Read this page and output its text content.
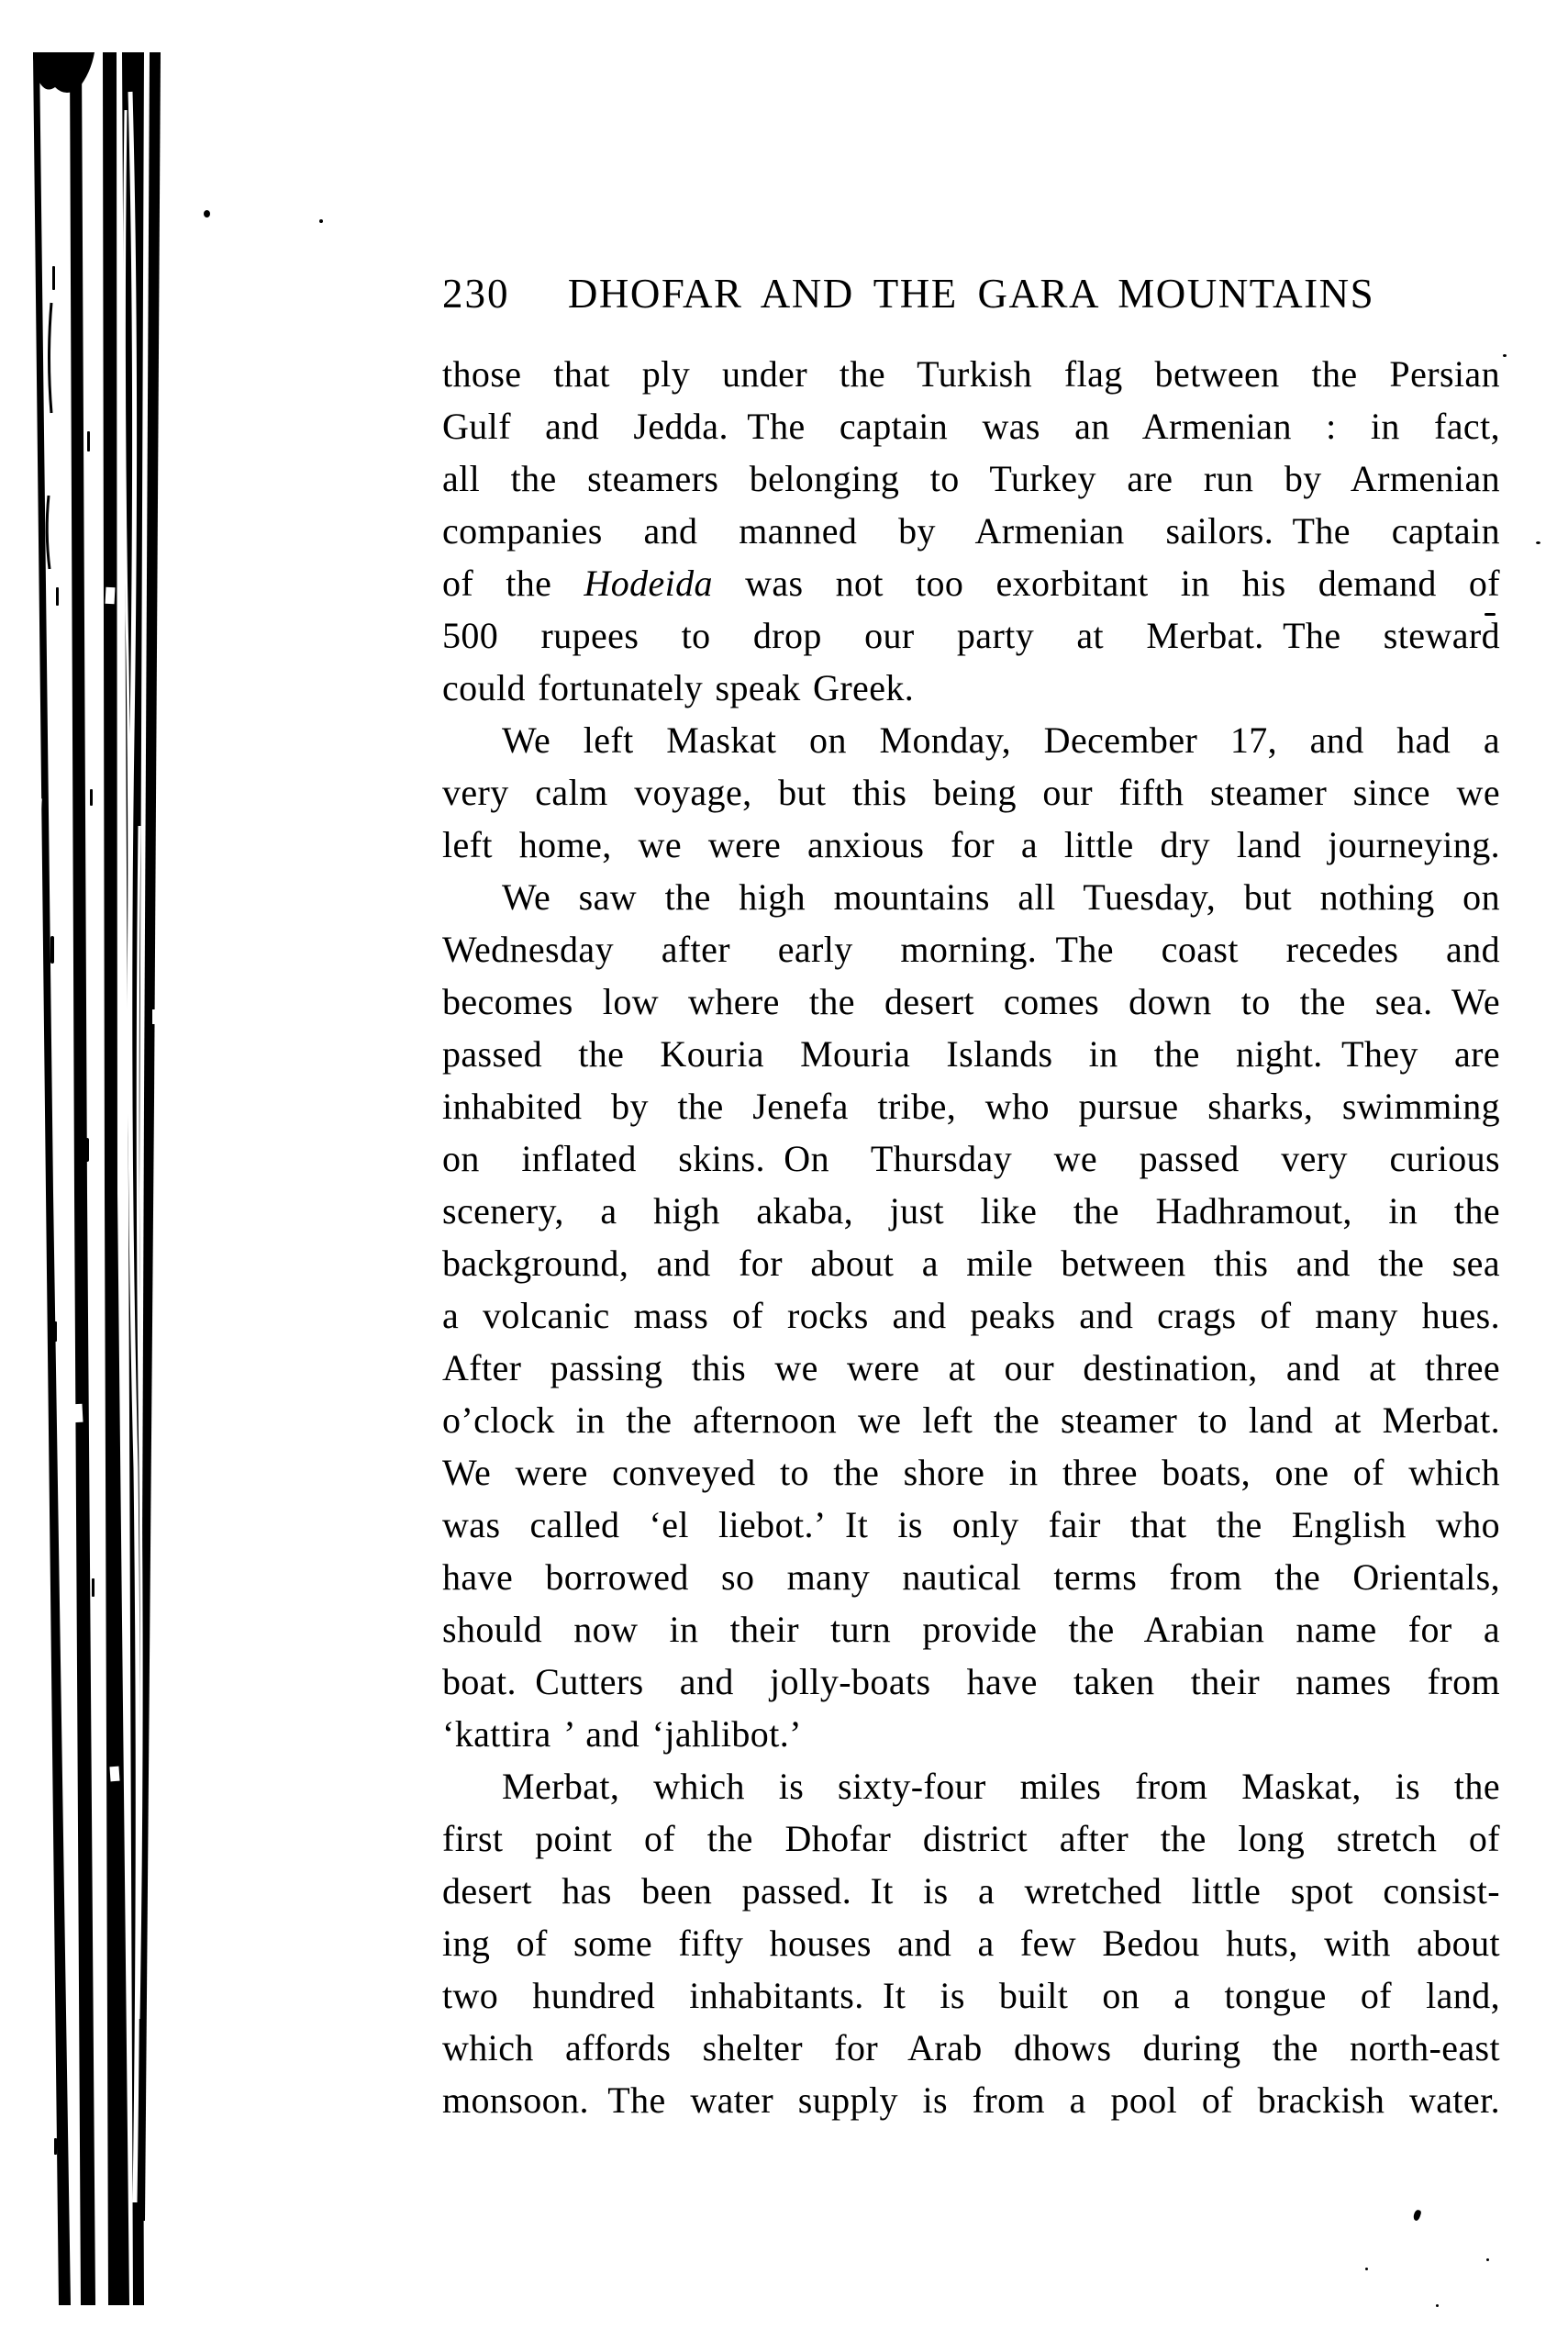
230	DHOFAR AND THE GARA MOUNTAINS
those that ply under the Turkish flag between the Persian
Gulf and Jedda. The captain was an Armenian : in fact,
all the steamers belonging to Turkey are run by Armenian
companies and manned by Armenian sailors. The captain
of the Hodeida was not too exorbitant in his demand of
500 rupees to drop our party at Merbat. The steward
could fortunately speak Greek.
We left Maskat on Monday, December 17, and had a
very calm voyage, but this being our fifth steamer since we
left home, we were anxious for a little dry land journeying.
We saw the high mountains all Tuesday, but nothing on
Wednesday after early morning. The coast recedes and
becomes low where the desert comes down to the sea. We
passed the Kouria Mouria Islands in the night. They are
inhabited by the Jenefa tribe, who pursue sharks, swimming
on inflated skins. On Thursday we passed very curious
scenery, a high akaba, just like the Hadhramout, in the
background, and for about a mile between this and the sea
a volcanic mass of rocks and peaks and crags of many hues.
After passing this we were at our destination, and at three
o’clock in the afternoon we left the steamer to land at Merbat.
We were conveyed to the shore in three boats, one of which
was called ‘el liebot.’ It is only fair that the English who
have borrowed so many nautical terms from the Orientals,
should now in their turn provide the Arabian name for a
boat. Cutters and jolly-boats have taken their names from
‘kattira ’ and ‘jahlibot.’
Merbat, which is sixty-four miles from Maskat, is the
first point of the Dhofar district after the long stretch of
desert has been passed. It is a wretched little spot consist-
ing of some fifty houses and a few Bedou huts, with about
two hundred inhabitants. It is built on a tongue of land,
which affords shelter for Arab dhows during the north-east
monsoon. The water supply is from a pool of brackish water.
